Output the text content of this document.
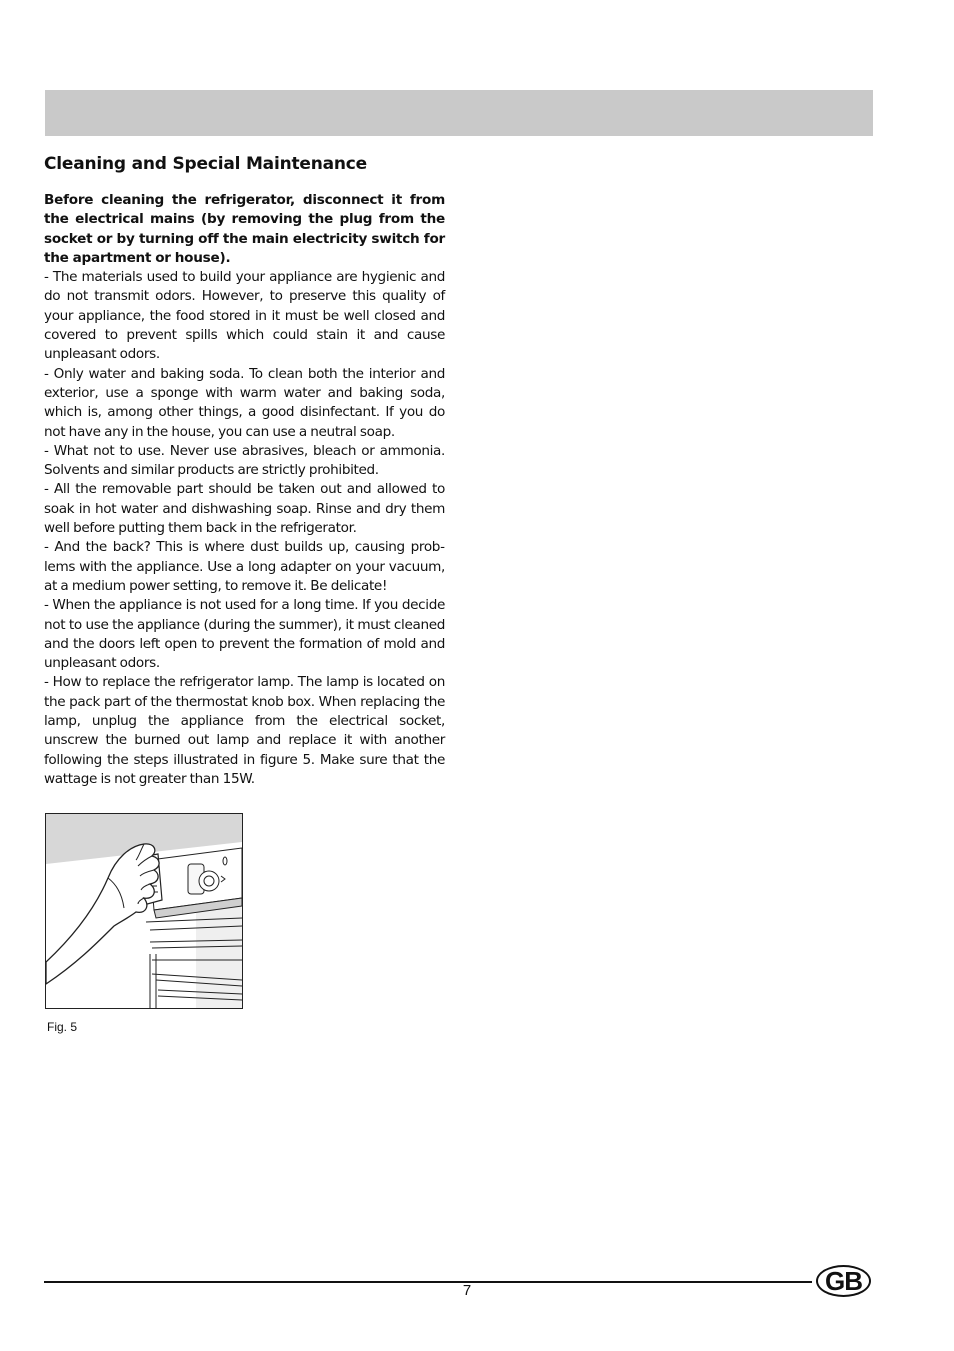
Cleaning and Special Maintenance

Before cleaning the refrigerator, disconnect it from the electrical mains (by removing the plug from the socket or by turning off the main electricity switch for the apartment or house).

- The materials used to build your appliance are hygienic and do not transmit odors. However, to preserve this quality of your appliance, the food stored in it must be well closed and covered to prevent spills which could stain it and cause unpleasant odors.

- Only water and baking soda. To clean both the interior and exterior, use a sponge with warm water and baking soda, which is, among other things, a good disinfectant. If you do not have any in the house, you can use a neutral soap.

- What not to use. Never use abrasives, bleach or ammonia. Solvents and similar products are strictly prohibited.

- All the removable part should be taken out and allowed to soak in hot water and dishwashing soap. Rinse and dry them well before putting them back in the refrigerator.

- And the back? This is where dust builds up, causing problems with the appliance. Use a long adapter on your vacuum, at a medium power setting, to remove it. Be delicate!

- When the appliance is not used for a long time. If you decide not to use the appliance (during the summer), it must cleaned and the doors left open to prevent the formation of mold and unpleasant odors.

- How to replace the refrigerator lamp. The lamp is located on the pack part of the thermostat knob box. When replacing the lamp, unplug the appliance from the electrical socket, unscrew the burned out lamp and replace it with another following the steps illustrated in figure 5. Make sure that the wattage is not greater than 15W.

Fig. 5
7	GB
